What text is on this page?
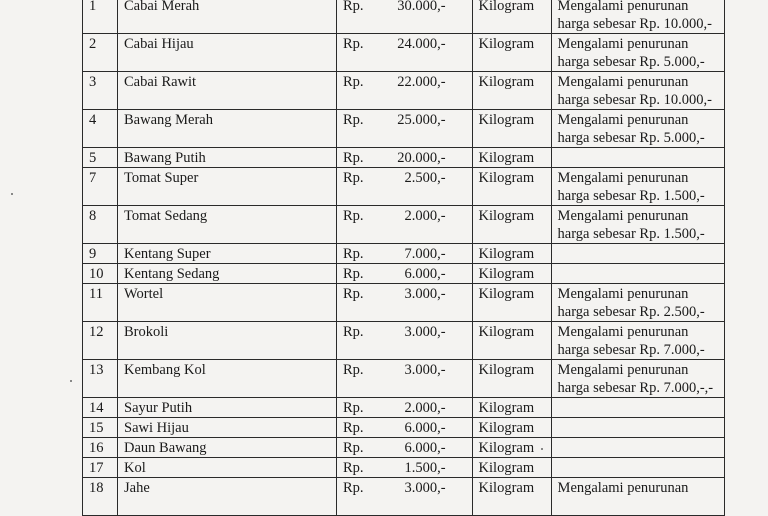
1	Cabai Merah	Rp. 30.000,-		Kilogram	Mengalami penurunan
harga sebesar Rp. 10.000,-

2	Cabai Hijau	Rp. 24.000,-		Kilogram	Mengalami penurunan
harga sebesar Rp. 5.000,-

3	Cabai Rawit	Rp. 22.000,-		Kilogram	Mengalami penurunan
harga sebesar Rp. 10.000,-

4	Bawang Merah	Rp. 25.000,-		Kilogram	Mengalami penurunan
harga sebesar Rp. 5.000,-

5	Bawang Putih	Rp. 20.000,-		Kilogram	
7	Tomat Super	Rp. 2.500,-		Kilogram	Mengalami penurunan
harga sebesar Rp. 1.500,-

8	Tomat Sedang	Rp. 2.000,-		Kilogram	Mengalami penurunan
harga sebesar Rp. 1.500,-

9	Kentang Super	Rp. 7.000,-		Kilogram	
10	Kentang Sedang	Rp. 6.000,-		Kilogram	
11	Wortel	Rp. 3.000,-		Kilogram	Mengalami penurunan
harga sebesar Rp. 2.500,-

12	Brokoli	Rp. 3.000,-		Kilogram	Mengalami penurunan
harga sebesar Rp. 7.000,-

13	Kembang Kol	Rp. 3.000,-		Kilogram	Mengalami penurunan
harga sebesar Rp. 7.000,-,-

14	Sayur Putih	Rp. 2.000,-		Kilogram	
15	Sawi Hijau	Rp. 6.000,-		Kilogram	
16	Daun Bawang	Rp. 6.000,-		Kilogram	
17	Kol	Rp. 1.500,-		Kilogram	
18	Jahe	Rp. 3.000,-		Kilogram	Mengalami penurunan
